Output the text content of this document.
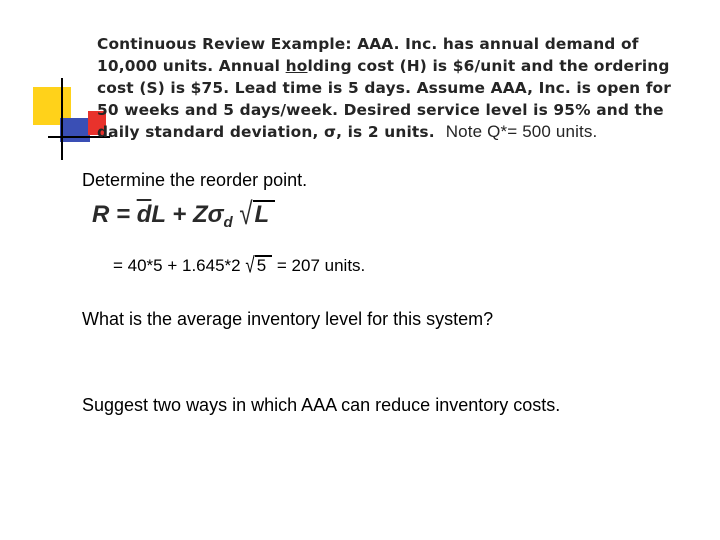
Continuous Review Example: AAA. Inc. has annual demand of
10,000 units. Annual holding cost (H) is $6/unit and the ordering
cost (S) is $75. Lead time is 5 days. Assume AAA, Inc. is open for
50 weeks and 5 days/week. Desired service level is 95% and the
daily standard deviation, σ, is 2 units. Note Q*= 500 units.

Determine the reorder point.

$R = \overline{d}L + Z\sigma_d$ √L
= 40*5 + 1.645*2 √ 5 = 207 units.

What is the average inventory level for this system?

Suggest two ways in which AAA can reduce inventory costs.
